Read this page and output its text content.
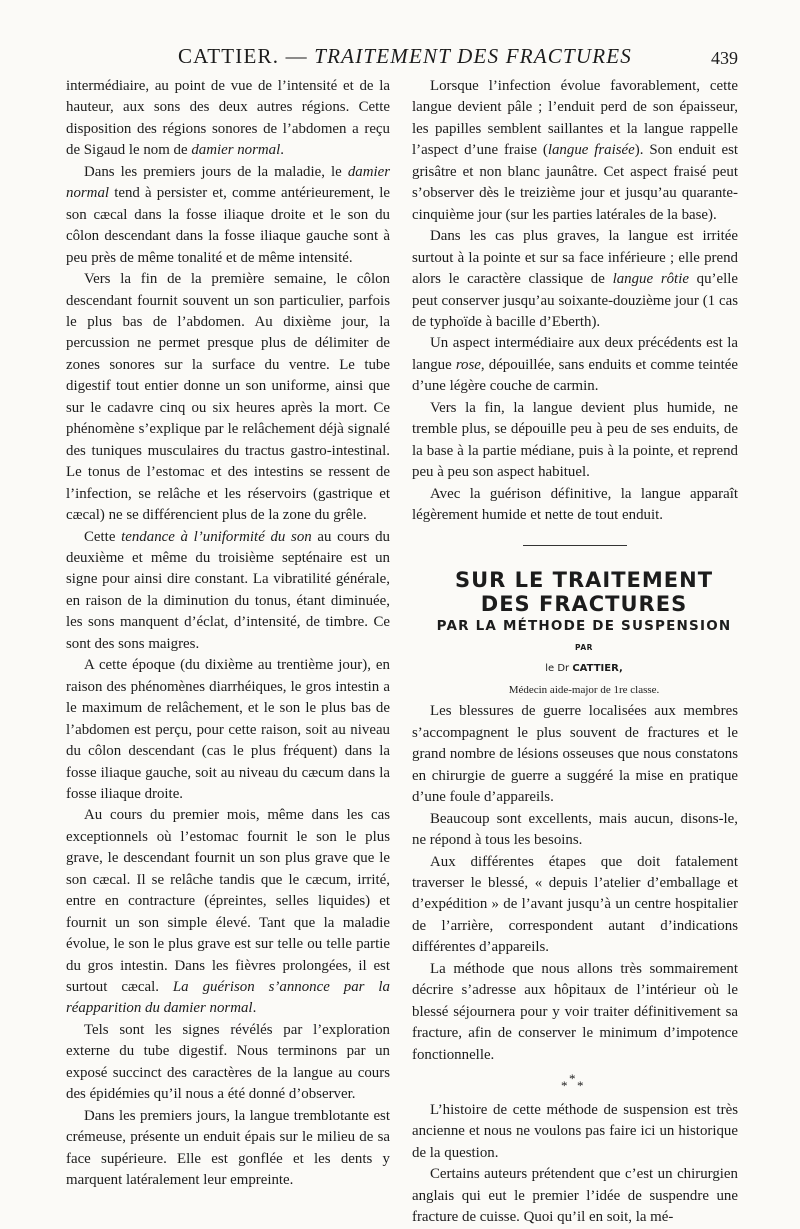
CATTIER. — TRAITEMENT DES FRACTURES	439

intermédiaire, au point de vue de l’intensité et de la hauteur, aux sons des deux autres régions. Cette disposition des régions sonores de l’abdomen a reçu de Sigaud le nom de damier normal.

Dans les premiers jours de la maladie, le damier normal tend à persister et, comme antérieurement, le son cæcal dans la fosse iliaque droite et le son du côlon descendant dans la fosse iliaque gauche sont à peu près de même tonalité et de même intensité.

Vers la fin de la première semaine, le côlon descendant fournit souvent un son particulier, parfois le plus bas de l’abdomen. Au dixième jour, la percussion ne permet presque plus de délimiter de zones sonores sur la surface du ventre. Le tube digestif tout entier donne un son uniforme, ainsi que sur le cadavre cinq ou six heures après la mort. Ce phénomène s’explique par le relâchement déjà signalé des tuniques musculaires du tractus gastro-intestinal. Le tonus de l’estomac et des intestins se ressent de l’infection, se relâche et les réservoirs (gastrique et cæcal) ne se différencient plus de la zone du grêle.

Cette tendance à l’uniformité du son au cours du deuxième et même du troisième septénaire est un signe pour ainsi dire constant. La vibratilité générale, en raison de la diminution du tonus, étant diminuée, les sons manquent d’éclat, d’intensité, de timbre. Ce sont des sons maigres.

A cette époque (du dixième au trentième jour), en raison des phénomènes diarrhéiques, le gros intestin a le maximum de relâchement, et le son le plus bas de l’abdomen est perçu, pour cette raison, soit au niveau du côlon descendant (cas le plus fréquent) dans la fosse iliaque gauche, soit au niveau du cæcum dans la fosse iliaque droite.

Au cours du premier mois, même dans les cas exceptionnels où l’estomac fournit le son le plus grave, le descendant fournit un son plus grave que le son cæcal. Il se relâche tandis que le cæcum, irrité, entre en contracture (épreintes, selles liquides) et fournit un son simple élevé. Tant que la maladie évolue, le son le plus grave est sur telle ou telle partie du gros intestin. Dans les fièvres prolongées, il est surtout cæcal. La guérison s’annonce par la réapparition du damier normal.

Tels sont les signes révélés par l’exploration externe du tube digestif. Nous terminons par un exposé succinct des caractères de la langue au cours des épidémies qu’il nous a été donné d’observer.

Dans les premiers jours, la langue tremblotante est crémeuse, présente un enduit épais sur le milieu de sa face supérieure. Elle est gonflée et les dents y marquent latéralement leur empreinte.

Lorsque l’infection évolue favorablement, cette langue devient pâle ; l’enduit perd de son épaisseur, les papilles semblent saillantes et la langue rappelle l’aspect d’une fraise (langue fraisée). Son enduit est grisâtre et non blanc jaunâtre. Cet aspect fraisé peut s’observer dès le treizième jour et jusqu’au quarante-cinquième jour (sur les parties latérales de la base).

Dans les cas plus graves, la langue est irritée surtout à la pointe et sur sa face inférieure ; elle prend alors le caractère classique de langue rôtie qu’elle peut conserver jusqu’au soixante-douzième jour (1 cas de typhoïde à bacille d’Eberth).

Un aspect intermédiaire aux deux précédents est la langue rose, dépouillée, sans enduits et comme teintée d’une légère couche de carmin.

Vers la fin, la langue devient plus humide, ne tremble plus, se dépouille peu à peu de ses enduits, de la base à la partie médiane, puis à la pointe, et reprend peu à peu son aspect habituel.

Avec la guérison définitive, la langue apparaît légèrement humide et nette de tout enduit.

SUR LE TRAITEMENT

DES FRACTURES

PAR LA MÉTHODE DE SUSPENSION

PAR

le Dr CATTIER,

Médecin aide-major de 1re classe.

Les blessures de guerre localisées aux membres s’accompagnent le plus souvent de fractures et le grand nombre de lésions osseuses que nous constatons en chirurgie de guerre a suggéré la mise en pratique d’une foule d’appareils.

Beaucoup sont excellents, mais aucun, disons-le, ne répond à tous les besoins.

Aux différentes étapes que doit fatalement traverser le blessé, « depuis l’atelier d’emballage et d’expédition » de l’avant jusqu’à un centre hospitalier de l’arrière, correspondent autant d’indications différentes d’appareils.

La méthode que nous allons très sommairement décrire s’adresse aux hôpitaux de l’intérieur où le blessé séjournera pour y voir traiter définitivement sa fracture, afin de conserver le minimum d’impotence fonctionnelle.

*
* *

L’histoire de cette méthode de suspension est très ancienne et nous ne voulons pas faire ici un historique de la question.

Certains auteurs prétendent que c’est un chirurgien anglais qui eut le premier l’idée de suspendre une fracture de cuisse. Quoi qu’il en soit, la mé-
